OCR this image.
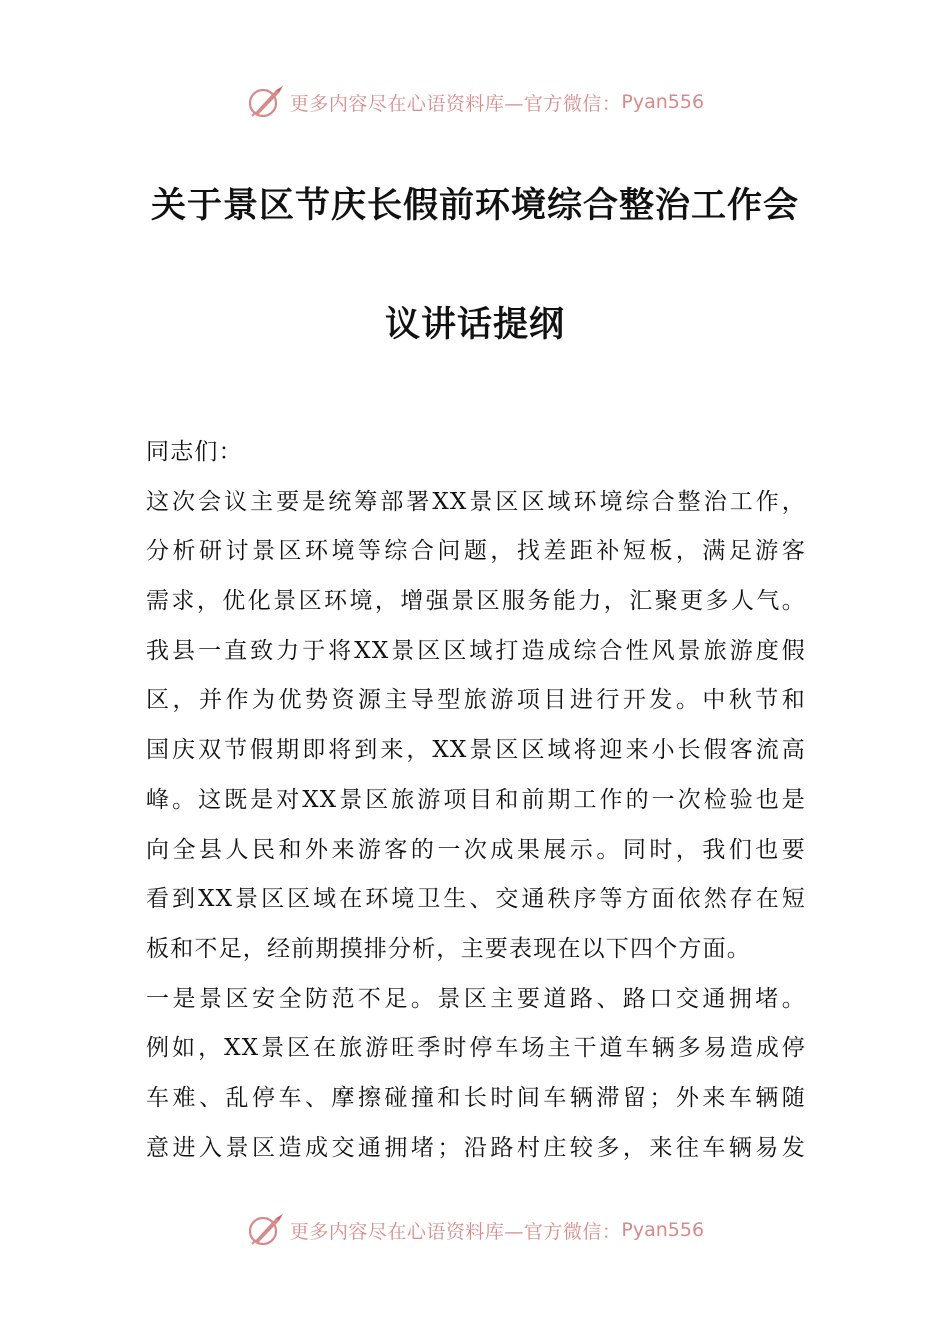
更多内容尽在心语资料库—官方微信： Pyan556
关于景区节庆长假前环境综合整治工作会
议讲话提纲
同志们：
这次会议主要是统筹部署XX景区区域环境综合整治工作，
分析研讨景区环境等综合问题，找差距补短板，满足游客
需求，优化景区环境，增强景区服务能力，汇聚更多人气。
我县一直致力于将XX景区区域打造成综合性风景旅游度假
区，并作为优势资源主导型旅游项目进行开发。中秋节和
国庆双节假期即将到来，XX景区区域将迎来小长假客流高
峰。这既是对XX景区旅游项目和前期工作的一次检验也是
向全县人民和外来游客的一次成果展示。同时，我们也要
看到XX景区区域在环境卫生、交通秩序等方面依然存在短
板和不足，经前期摸排分析，主要表现在以下四个方面。
一是景区安全防范不足。景区主要道路、路口交通拥堵。
例如，XX景区在旅游旺季时停车场主干道车辆多易造成停
车难、乱停车、摩擦碰撞和长时间车辆滞留；外来车辆随
意进入景区造成交通拥堵；沿路村庄较多，来往车辆易发
更多内容尽在心语资料库—官方微信： Pyan556
